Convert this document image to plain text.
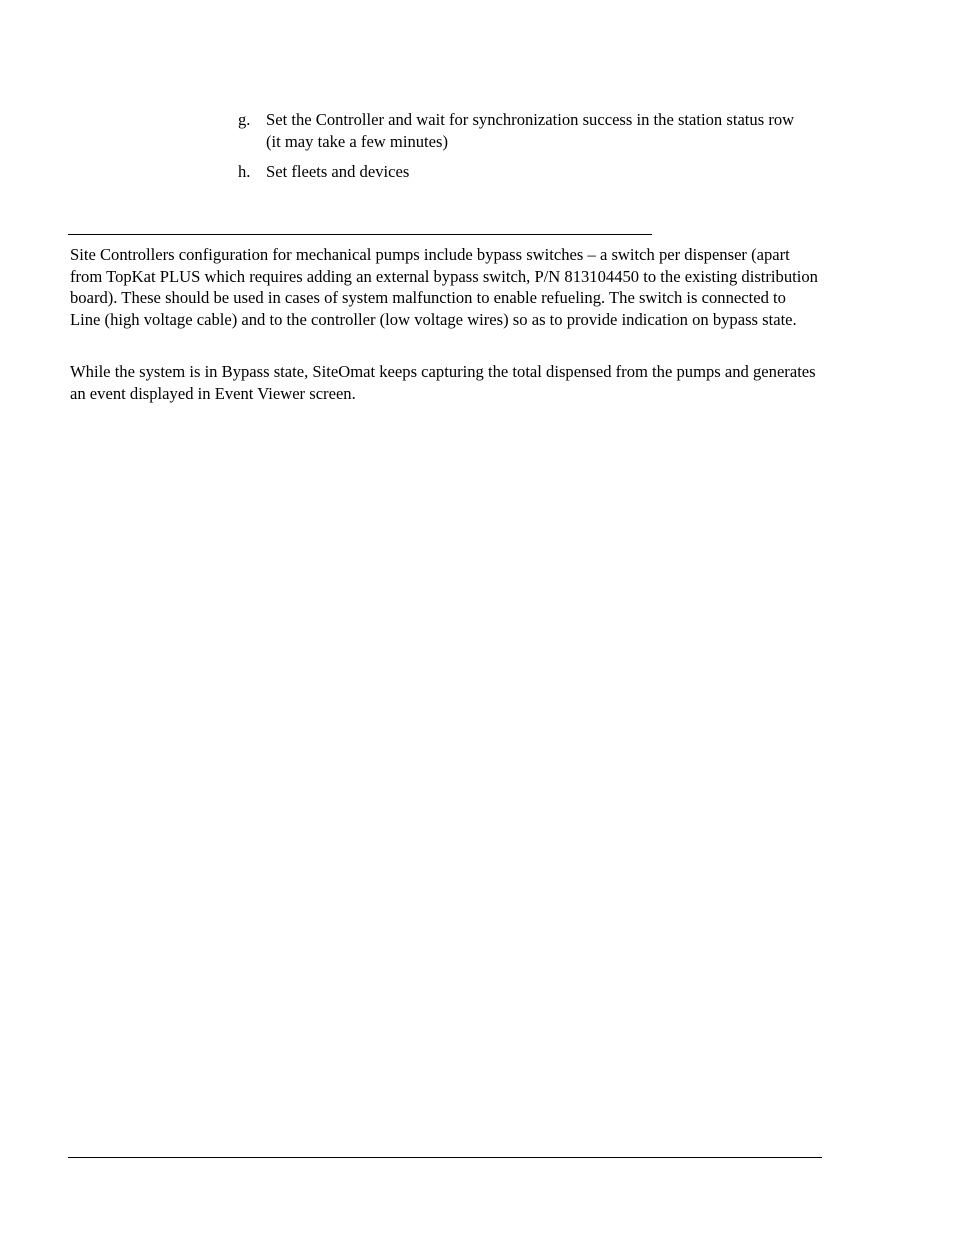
g. Set the Controller and wait for synchronization success in the station status row (it may take a few minutes)
h. Set fleets and devices

Site Controllers configuration for mechanical pumps include bypass switches – a switch per dispenser (apart from TopKat PLUS which requires adding an external bypass switch, P/N 813104450 to the existing distribution board). These should be used in cases of system malfunction to enable refueling. The switch is connected to Line (high voltage cable) and to the controller (low voltage wires) so as to provide indication on bypass state.

While the system is in Bypass state, SiteOmat keeps capturing the total dispensed from the pumps and generates an event displayed in Event Viewer screen.
